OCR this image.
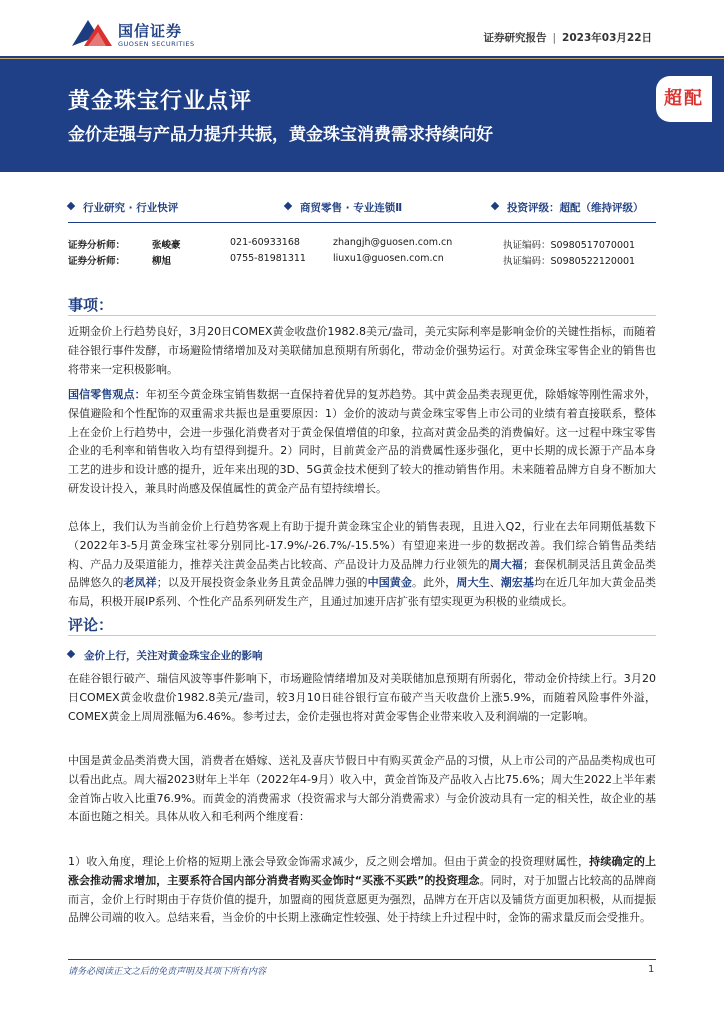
国信证券
GUOSEN SECURITIES	证券研究报告 | 2023年03月22日
黄金珠宝行业点评
金价走强与产品力提升共振，黄金珠宝消费需求持续向好
超配
行业研究 · 行业快评	商贸零售 · 专业连锁Ⅱ	投资评级：超配（维持评级）
证券分析师：	张峻豪	021-60933168	zhangjh@guosen.com.cn	执证编码：S0980517070001
证券分析师：	柳旭	0755-81981311	liuxu1@guosen.com.cn	执证编码：S0980522120001
事项：
近期金价上行趋势良好，3月20日COMEX黄金收盘价1982.8美元/盎司，美元实际利率是影响金价的关键性指标，而随着硅谷银行事件发酵，市场避险情绪增加及对美联储加息预期有所弱化，带动金价强势运行。对黄金珠宝零售企业的销售也将带来一定积极影响。

国信零售观点：年初至今黄金珠宝销售数据一直保持着优异的复苏趋势。其中黄金品类表现更优，除婚嫁等刚性需求外，保值避险和个性配饰的双重需求共振也是重要原因：1）金价的波动与黄金珠宝零售上市公司的业绩有着直接联系，整体上在金价上行趋势中，会进一步强化消费者对于黄金保值增值的印象，拉高对黄金品类的消费偏好。这一过程中珠宝零售企业的毛利率和销售收入均有望得到提升。2）同时，目前黄金产品的消费属性逐步强化，更中长期的成长源于产品本身工艺的进步和设计感的提升，近年来出现的3D、5G黄金技术便到了较大的推动销售作用。未来随着品牌方自身不断加大研发设计投入，兼具时尚感及保值属性的黄金产品有望持续增长。

总体上，我们认为当前金价上行趋势客观上有助于提升黄金珠宝企业的销售表现，且进入Q2，行业在去年同期低基数下（2022年3-5月黄金珠宝社零分别同比-17.9%/-26.7%/-15.5%）有望迎来进一步的数据改善。我们综合销售品类结构、产品力及渠道能力，推荐关注黄金品类占比较高、产品设计力及品牌力行业领先的周大福；套保机制灵活且黄金品类品牌悠久的老凤祥；以及开展投资金条业务且黄金品牌力强的中国黄金。此外，周大生、潮宏基均在近几年加大黄金品类布局，积极开展IP系列、个性化产品系列研发生产，且通过加速开店扩张有望实现更为积极的业绩成长。

评论：
金价上行，关注对黄金珠宝企业的影响
在硅谷银行破产、瑞信风波等事件影响下，市场避险情绪增加及对美联储加息预期有所弱化，带动金价持续上行。3月20日COMEX黄金收盘价1982.8美元/盎司，较3月10日硅谷银行宣布破产当天收盘价上涨5.9%，而随着风险事件外溢，COMEX黄金上周周涨幅为6.46%。参考过去，金价走强也将对黄金零售企业带来收入及利润端的一定影响。
中国是黄金品类消费大国，消费者在婚嫁、送礼及喜庆节假日中有购买黄金产品的习惯，从上市公司的产品品类构成也可以看出此点。周大福2023财年上半年（2022年4-9月）收入中，黄金首饰及产品收入占比75.6%；周大生2022上半年素金首饰占收入比重76.9%。而黄金的消费需求（投资需求与大部分消费需求）与金价波动具有一定的相关性，故企业的基本面也随之相关。具体从收入和毛利两个维度看：

1）收入角度，理论上价格的短期上涨会导致金饰需求减少，反之则会增加。但由于黄金的投资理财属性，持续确定的上涨会推动需求增加，主要系符合国内部分消费者购买金饰时“买涨不买跌”的投资理念。同时，对于加盟占比较高的品牌商而言，金价上行时期由于存货价值的提升，加盟商的囤货意愿更为强烈，品牌方在开店以及铺货方面更加积极，从而提振品牌公司端的收入。总结来看，当金价的中长期上涨确定性较强、处于持续上升过程中时，金饰的需求量反而会受推升。

请务必阅读正文之后的免责声明及其项下所有内容	1
